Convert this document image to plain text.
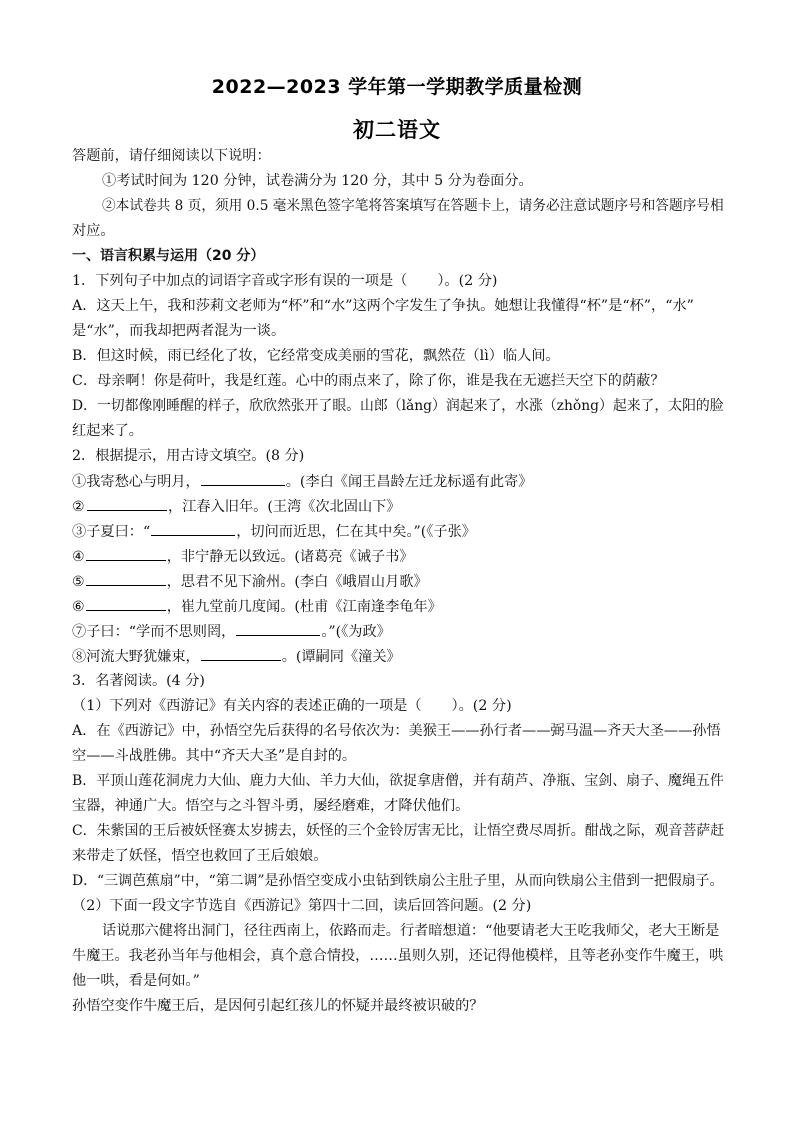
2022—2023 学年第一学期教学质量检测
初二语文
答题前，请仔细阅读以下说明：
①考试时间为 120 分钟，试卷满分为 120 分，其中 5 分为卷面分。
②本试卷共 8 页，须用 0.5 毫米黑色签字笔将答案填写在答题卡上，请务必注意试题序号和答题序号相
对应。
一、语言积累与运用（20 分）
1．下列句子中加点的词语字音或字形有误的一项是（ ）。(2 分)
A．这天上午，我和莎莉文老师为“杯”和“水”这两个字发生了争执。她想让我懂得“杯”是“杯”，“水”
是“水”，而我却把两者混为一谈。
B．但这时候，雨已经化了妆，它经常变成美丽的雪花，飘然莅（lì）临人间。
C．母亲啊！你是荷叶，我是红莲。心中的雨点来了，除了你，谁是我在无遮拦天空下的荫蔽？
D．一切都像刚睡醒的样子，欣欣然张开了眼。山郎（lǎng）润起来了，水涨（zhǒng）起来了，太阳的脸
红起来了。
2．根据提示，用古诗文填空。(8 分)
①我寄愁心与明月，	。(李白《闻王昌龄左迁龙标遥有此寄》
②	，江春入旧年。(王湾《次北固山下》
③子夏曰：“	，切问而近思，仁在其中矣。”(《子张》
④	，非宁静无以致远。(诸葛亮《诫子书》
⑤	，思君不见下渝州。(李白《峨眉山月歌》
⑥	，崔九堂前几度闻。(杜甫《江南逢李龟年》
⑦子曰：“学而不思则罔，	。”(《为政》
⑧河流大野犹嫌束，	。(谭嗣同《潼关》
3．名著阅读。(4 分)
（1）下列对《西游记》有关内容的表述正确的一项是（ ）。(2 分)
A．在《西游记》中，孙悟空先后获得的名号依次为：美猴王——孙行者——弼马温—齐天大圣——孙悟
空——斗战胜佛。其中“齐天大圣”是自封的。
B．平顶山莲花洞虎力大仙、鹿力大仙、羊力大仙，欲捉拿唐僧，并有葫芦、净瓶、宝剑、扇子、魔绳五件
宝器，神通广大。悟空与之斗智斗勇，屡经磨难，才降伏他们。
C．朱紫国的王后被妖怪赛太岁掳去，妖怪的三个金铃厉害无比，让悟空费尽周折。酣战之际，观音菩萨赶
来带走了妖怪，悟空也救回了王后娘娘。
D．“三调芭蕉扇”中，“第二调”是孙悟空变成小虫钻到铁扇公主肚子里，从而向铁扇公主借到一把假扇子。
（2）下面一段文字节选自《西游记》第四十二回，读后回答问题。(2 分)
话说那六健将出洞门，径往西南上，依路而走。行者暗想道：“他要请老大王吃我师父，老大王断是
牛魔王。我老孙当年与他相会，真个意合情投，……虽则久别，还记得他模样，且等老孙变作牛魔王，哄
他一哄，看是何如。”
孙悟空变作牛魔王后，是因何引起红孩儿的怀疑并最终被识破的？
